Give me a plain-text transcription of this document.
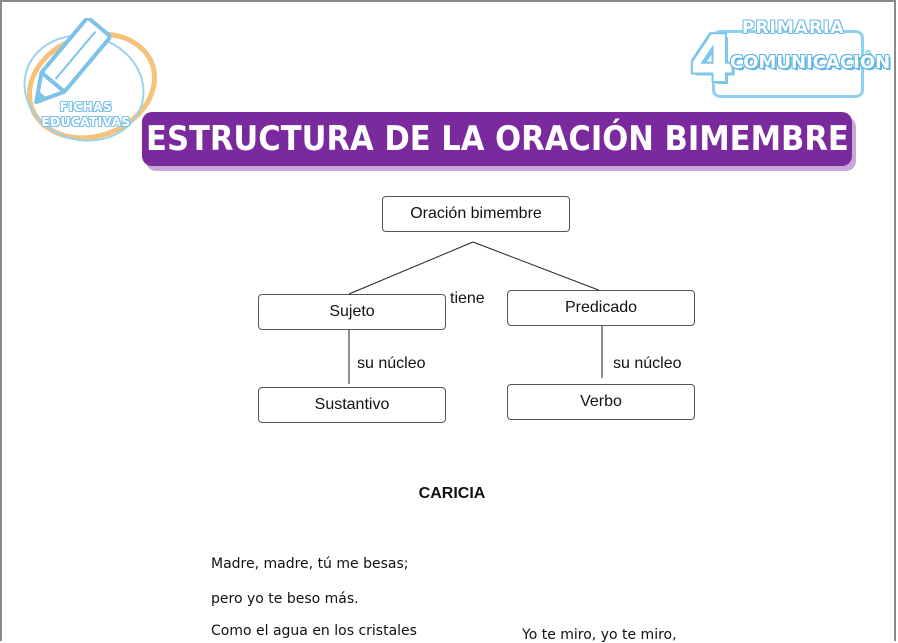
FICHAS
EDUCATIVAS
PRIMARIA
4
COMUNICACIÓN
ESTRUCTURA DE LA ORACIÓN BIMEMBRE
Oración bimembre
tiene
Sujeto	Predicado
su núcleo	su núcleo
Sustantivo	Verbo
CARICIA
Madre, madre, tú me besas;
pero yo te beso más.
Como el agua en los cristales	Yo te miro, yo te miro,
